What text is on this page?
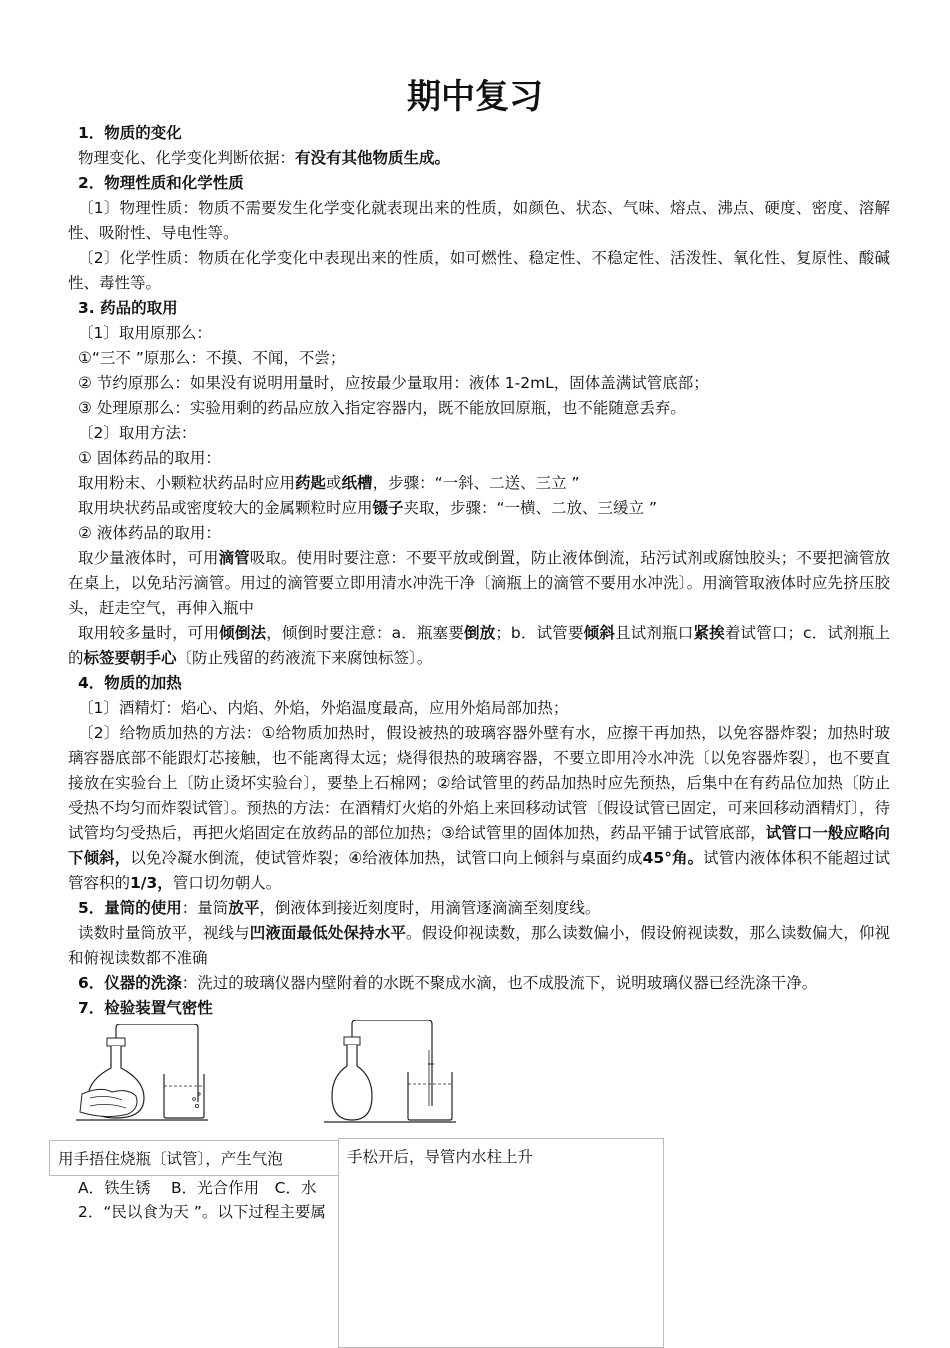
期中复习
1．物质的变化
物理变化、化学变化判断依据：有没有其他物质生成。
2．物理性质和化学性质
〔1〕物理性质：物质不需要发生化学变化就表现出来的性质，如颜色、状态、气味、熔点、沸点、硬度、密度、溶解性、吸附性、导电性等。
〔2〕化学性质：物质在化学变化中表现出来的性质，如可燃性、稳定性、不稳定性、活泼性、氧化性、复原性、酸碱性、毒性等。
3. 药品的取用
〔1〕取用原那么：
①“三不 ”原那么：不摸、不闻，不尝；
② 节约原那么：如果没有说明用量时，应按最少量取用：液体 1-2mL，固体盖满试管底部；
③ 处理原那么：实验用剩的药品应放入指定容器内，既不能放回原瓶，也不能随意丢弃。
〔2〕取用方法：
① 固体药品的取用：
取用粉末、小颗粒状药品时应用药匙或纸槽，步骤：“一斜、二送、三立 ”
取用块状药品或密度较大的金属颗粒时应用镊子夹取，步骤：“一横、二放、三缓立 ”
② 液体药品的取用：
取少量液体时，可用滴管吸取。使用时要注意：不要平放或倒置，防止液体倒流，玷污试剂或腐蚀胶头；不要把滴管放在桌上，以免玷污滴管。用过的滴管要立即用清水冲洗干净〔滴瓶上的滴管不要用水冲洗〕。用滴管取液体时应先挤压胶头，赶走空气，再伸入瓶中
取用较多量时，可用倾倒法，倾倒时要注意：a．瓶塞要倒放；b．试管要倾斜且试剂瓶口紧挨着试管口；c．试剂瓶上的标签要朝手心〔防止残留的药液流下来腐蚀标签〕。
4．物质的加热
〔1〕酒精灯：焰心、内焰、外焰，外焰温度最高，应用外焰局部加热；
〔2〕给物质加热的方法：①给物质加热时，假设被热的玻璃容器外壁有水，应擦干再加热，以免容器炸裂；加热时玻璃容器底部不能跟灯芯接触，也不能离得太远；烧得很热的玻璃容器，不要立即用冷水冲洗〔以免容器炸裂〕，也不要直接放在实验台上〔防止烫坏实验台〕，要垫上石棉网；②给试管里的药品加热时应先预热，后集中在有药品位加热〔防止受热不均匀而炸裂试管〕。预热的方法：在酒精灯火焰的外焰上来回移动试管〔假设试管已固定，可来回移动酒精灯〕，待试管均匀受热后，再把火焰固定在放药品的部位加热；③给试管里的固体加热，药品平铺于试管底部，试管口一般应略向下倾斜，以免冷凝水倒流，使试管炸裂；④给液体加热，试管口向上倾斜与桌面约成45°角。试管内液体体积不能超过试管容积的1/3，管口切勿朝人。
5．量筒的使用：量筒放平，倒液体到接近刻度时，用滴管逐滴滴至刻度线。
读数时量筒放平，视线与凹液面最低处保持水平。假设仰视读数，那么读数偏小，假设俯视读数，那么读数偏大，仰视和俯视读数都不准确
6．仪器的洗涤：洗过的玻璃仪器内壁附着的水既不聚成水滴，也不成股流下，说明玻璃仪器已经洗涤干净。
7．检验装置气密性
A．铁生锈　 B．光合作用　C．水
2．“民以食为天 ”。以下过程主要属
用手捂住烧瓶〔试管〕，产生气泡	手松开后，导管内水柱上升
